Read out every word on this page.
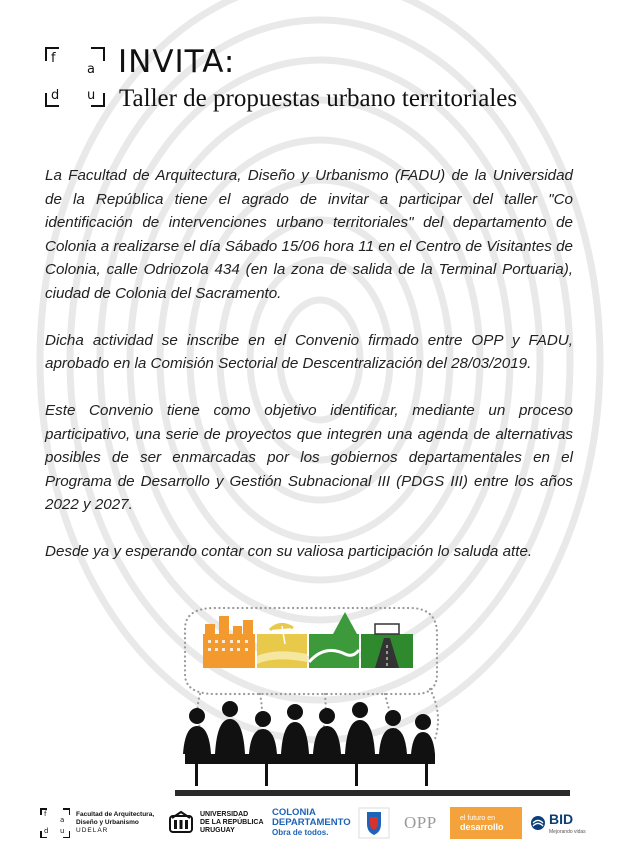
f
a
d u
INVITA:
Taller de propuestas urbano territoriales

La Facultad de Arquitectura, Diseño y Urbanismo (FADU) de la Universidad de la República tiene el agrado de invitar a participar del taller "Co identificación de intervenciones urbano territoriales" del departamento de Colonia a realizarse el día Sábado 15/06 hora 11 en el Centro de Visitantes de Colonia, calle Odriozola 434 (en la zona de salida de la Terminal Portuaria), ciudad de Colonia del Sacramento.

Dicha actividad se inscribe en el Convenio firmado entre OPP y FADU, aprobado en la Comisión Sectorial de Descentralización del 28/03/2019.

Este Convenio tiene como objetivo identificar, mediante un proceso participativo, una serie de proyectos que integren una agenda de alternativas posibles de ser enmarcadas por los gobiernos departamentales en el Programa de Desarrollo y Gestión Subnacional III (PDGS III) entre los años 2022 y 2027.

Desde ya y esperando contar con su valiosa participación lo saluda atte.

f
a
d u
Facultad de Arquitectura,
Diseño y Urbanismo
UDELAR
UNIVERSIDAD
DE LA REPÚBLICA
URUGUAY
COLONIA
DEPARTAMENTO
Obra de todos.
OPP	el futuro en
desarrollo	BID
Mejorando vidas
